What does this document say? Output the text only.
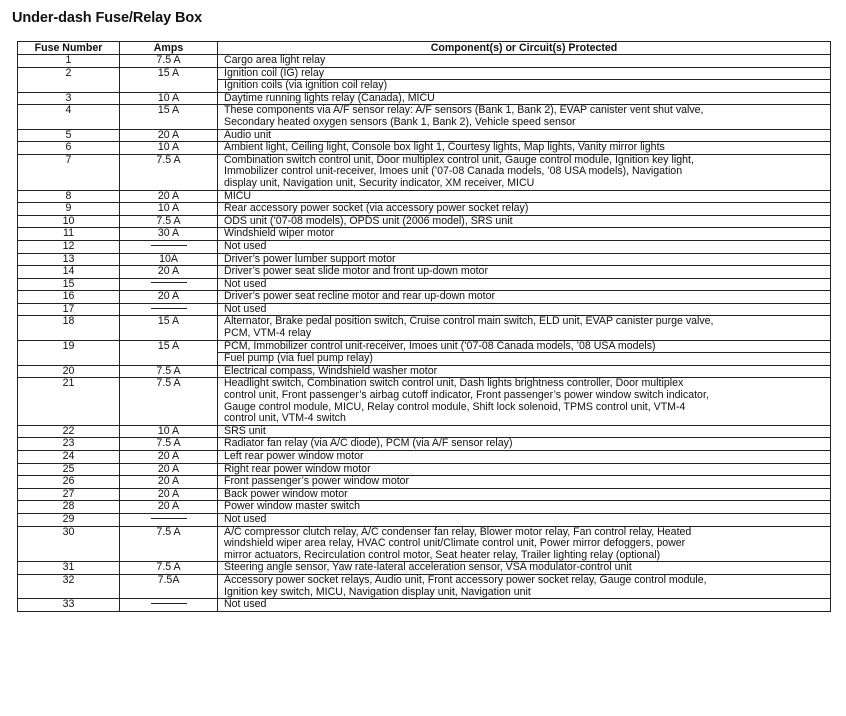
Under-dash Fuse/Relay Box
Fuse Number	Amps	Component(s) or Circuit(s) Protected
1	7.5 A	Cargo area light relay

2	15 A	Ignition coil (IG) relay
Ignition coils (via ignition coil relay)

3	10 A	Daytime running lights relay (Canada), MICU

4	15 A	These components via A/F sensor relay: A/F sensors (Bank 1, Bank 2), EVAP canister vent shut valve,
Secondary heated oxygen sensors (Bank 1, Bank 2), Vehicle speed sensor

5	20 A	Audio unit

6	10 A	Ambient light, Ceiling light, Console box light 1, Courtesy lights, Map lights, Vanity mirror lights

7	7.5 A	Combination switch control unit, Door multiplex control unit, Gauge control module, Ignition key light,
Immobilizer control unit-receiver, Imoes unit (’07-08 Canada models, ’08 USA models), Navigation
display unit, Navigation unit, Security indicator, XM receiver, MICU

8	20 A	MICU

9	10 A	Rear accessory power socket (via accessory power socket relay)

10	7.5 A	ODS unit (’07-08 models), OPDS unit (2006 model), SRS unit

11	30 A	Windshield wiper motor

12		Not used

13	10A	Driver’s power lumber support motor

14	20 A	Driver’s power seat slide motor and front up-down motor

15		Not used

16	20 A	Driver’s power seat recline motor and rear up-down motor

17		Not used

18	15 A	Alternator, Brake pedal position switch, Cruise control main switch, ELD unit, EVAP canister purge valve,
PCM, VTM-4 relay

19	15 A	PCM, Immobilizer control unit-receiver, Imoes unit (’07-08 Canada models, ’08 USA models)
Fuel pump (via fuel pump relay)

20	7.5 A	Electrical compass, Windshield washer motor

21	7.5 A	Headlight switch, Combination switch control unit, Dash lights brightness controller, Door multiplex
control unit, Front passenger’s airbag cutoff indicator, Front passenger’s power window switch indicator,
Gauge control module, MICU, Relay control module, Shift lock solenoid, TPMS control unit, VTM-4
control unit, VTM-4 switch

22	10 A	SRS unit

23	7.5 A	Radiator fan relay (via A/C diode), PCM (via A/F sensor relay)

24	20 A	Left rear power window motor

25	20 A	Right rear power window motor

26	20 A	Front passenger’s power window motor

27	20 A	Back power window motor

28	20 A	Power window master switch

29		Not used

30	7.5 A	A/C compressor clutch relay, A/C condenser fan relay, Blower motor relay, Fan control relay, Heated
windshield wiper area relay, HVAC control unit/Climate control unit, Power mirror defoggers, power
mirror actuators, Recirculation control motor, Seat heater relay, Trailer lighting relay (optional)

31	7.5 A	Steering angle sensor, Yaw rate-lateral acceleration sensor, VSA modulator-control unit

32	7.5A	Accessory power socket relays, Audio unit, Front accessory power socket relay, Gauge control module,
Ignition key switch, MICU, Navigation display unit, Navigation unit

33		Not used
